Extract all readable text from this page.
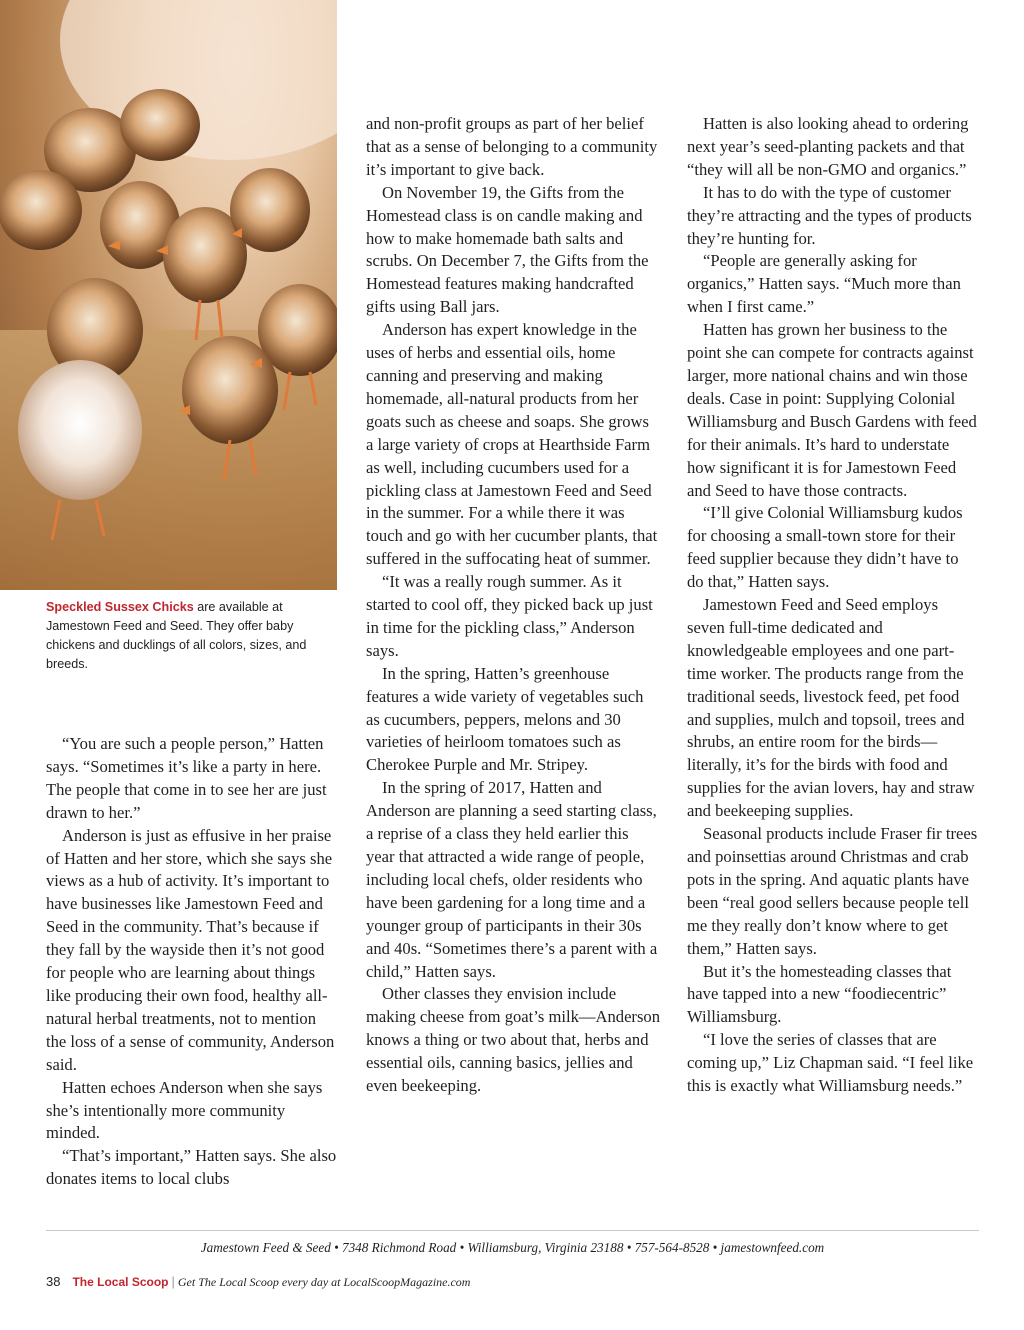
Speckled Sussex Chicks are available at Jamestown Feed and Seed. They offer baby chickens and ducklings of all colors, sizes, and breeds.

“You are such a people person,” Hatten says. “Sometimes it’s like a party in here. The people that come in to see her are just drawn to her.”

Anderson is just as effusive in her praise of Hatten and her store, which she says she views as a hub of activity. It’s important to have businesses like Jamestown Feed and Seed in the community. That’s because if they fall by the wayside then it’s not good for people who are learning about things like producing their own food, healthy all-natural herbal treatments, not to mention the loss of a sense of community, Anderson said.

Hatten echoes Anderson when she says she’s intentionally more community minded.

“That’s important,” Hatten says. She also donates items to local clubs

and non-profit groups as part of her belief that as a sense of belonging to a community it’s important to give back.

On November 19, the Gifts from the Homestead class is on candle making and how to make homemade bath salts and scrubs. On December 7, the Gifts from the Homestead features making handcrafted gifts using Ball jars.

Anderson has expert knowledge in the uses of herbs and essential oils, home canning and preserving and making homemade, all-natural products from her goats such as cheese and soaps. She grows a large variety of crops at Hearthside Farm as well, including cucumbers used for a pickling class at Jamestown Feed and Seed in the summer. For a while there it was touch and go with her cucumber plants, that suffered in the suffocating heat of summer.

“It was a really rough summer. As it started to cool off, they picked back up just in time for the pickling class,” Anderson says.

In the spring, Hatten’s greenhouse features a wide variety of vegetables such as cucumbers, peppers, melons and 30 varieties of heirloom tomatoes such as Cherokee Purple and Mr. Stripey.

In the spring of 2017, Hatten and Anderson are planning a seed starting class, a reprise of a class they held earlier this year that attracted a wide range of people, including local chefs, older residents who have been gardening for a long time and a younger group of participants in their 30s and 40s. “Sometimes there’s a parent with a child,” Hatten says.

Other classes they envision include making cheese from goat’s milk—Anderson knows a thing or two about that, herbs and essential oils, canning basics, jellies and even beekeeping.

Hatten is also looking ahead to ordering next year’s seed-planting packets and that “they will all be non-GMO and organics.”

It has to do with the type of customer they’re attracting and the types of products they’re hunting for.

“People are generally asking for organics,” Hatten says. “Much more than when I first came.”

Hatten has grown her business to the point she can compete for contracts against larger, more national chains and win those deals. Case in point: Supplying Colonial Williamsburg and Busch Gardens with feed for their animals. It’s hard to understate how significant it is for Jamestown Feed and Seed to have those contracts.

“I’ll give Colonial Williamsburg kudos for choosing a small-town store for their feed supplier because they didn’t have to do that,” Hatten says.

Jamestown Feed and Seed employs seven full-time dedicated and knowledgeable employees and one part-time worker. The products range from the traditional seeds, livestock feed, pet food and supplies, mulch and topsoil, trees and shrubs, an entire room for the birds—literally, it’s for the birds with food and supplies for the avian lovers, hay and straw and beekeeping supplies.

Seasonal products include Fraser fir trees and poinsettias around Christmas and crab pots in the spring. And aquatic plants have been “real good sellers because people tell me they really don’t know where to get them,” Hatten says.

But it’s the homesteading classes that have tapped into a new “foodiecentric” Williamsburg.

“I love the series of classes that are coming up,” Liz Chapman said. “I feel like this is exactly what Williamsburg needs.”

Jamestown Feed & Seed • 7348 Richmond Road • Williamsburg, Virginia 23188 • 757-564-8528 • jamestownfeed.com
38 The Local Scoop | Get The Local Scoop every day at LocalScoopMagazine.com
